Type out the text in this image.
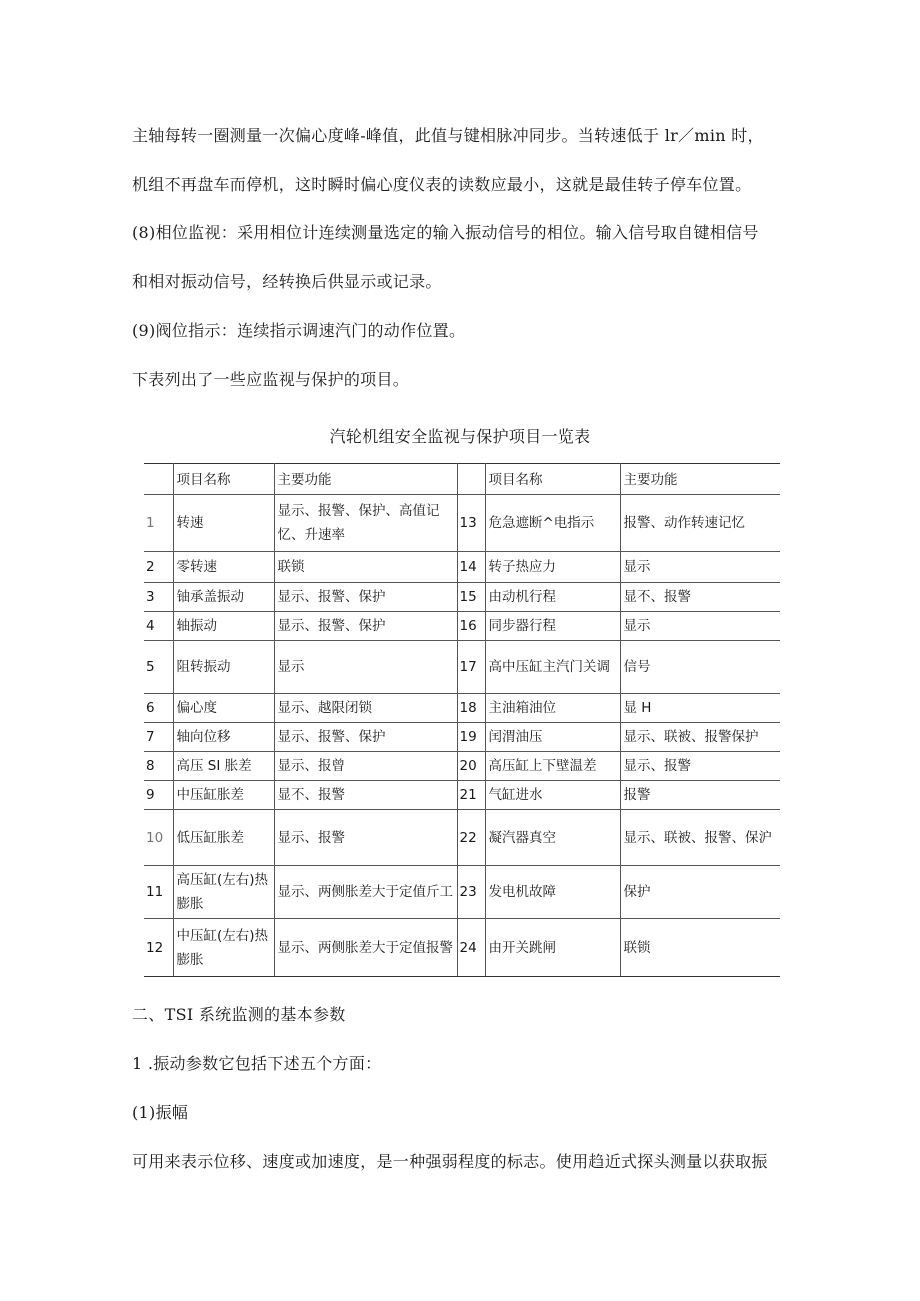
主轴每转一圈测量一次偏心度峰-峰值，此值与键相脉冲同步。当转速低于 lr／min 时，
机组不再盘车而停机，这时瞬时偏心度仪表的读数应最小，这就是最佳转子停车位置。
(8)相位监视：采用相位计连续测量选定的输入振动信号的相位。输入信号取自键相信号
和相对振动信号，经转换后供显示或记录。
(9)阀位指示：连续指示调速汽门的动作位置。
下表列出了一些应监视与保护的项目。
汽轮机组安全监视与保护项目一览表
	项目名称	主要功能		项目名称	主要功能
1	转速	显示、报警、保护、高值记忆、升速率	13	危急遮断^电指示	报警、动作转速记忆
2	零转速	联锁	14	转子热应力	显示
3	铀承盖振动	显示、报警、保护	15	由动机行程	显不、报警
4	轴振动	显示、报警、保护	16	同步器行程	显示
5	阻转振动	显示	17	高中压缸主汽门关调	信号
6	偏心度	显示、越限闭锁	18	主油箱油位	显 H
7	轴向位移	显示、报警、保护	19	闰渭油压	显示、联被、报警保护
8	高压 SI 胀差	显示、报曾	20	高压缸上下壁温差	显示、报警
9	中压缸胀差	显不、报警	21	气缸进水	报警
10	低压缸胀差	显示、报警	22	凝汽器真空	显示、联被、报警、保沪
11	高压缸(左右)热膨胀	显示、两侧胀差大于定值斤工	23	发电机故障	保护
12	中压缸(左右)热膨胀	显示、两侧胀差大于定值报警	24	由开关跳闸	联锁
二、TSI 系统监测的基本参数
1 .振动参数它包括下述五个方面：
(1)振幅
可用来表示位移、速度或加速度，是一种强弱程度的标志。使用趋近式探头测量以获取振
